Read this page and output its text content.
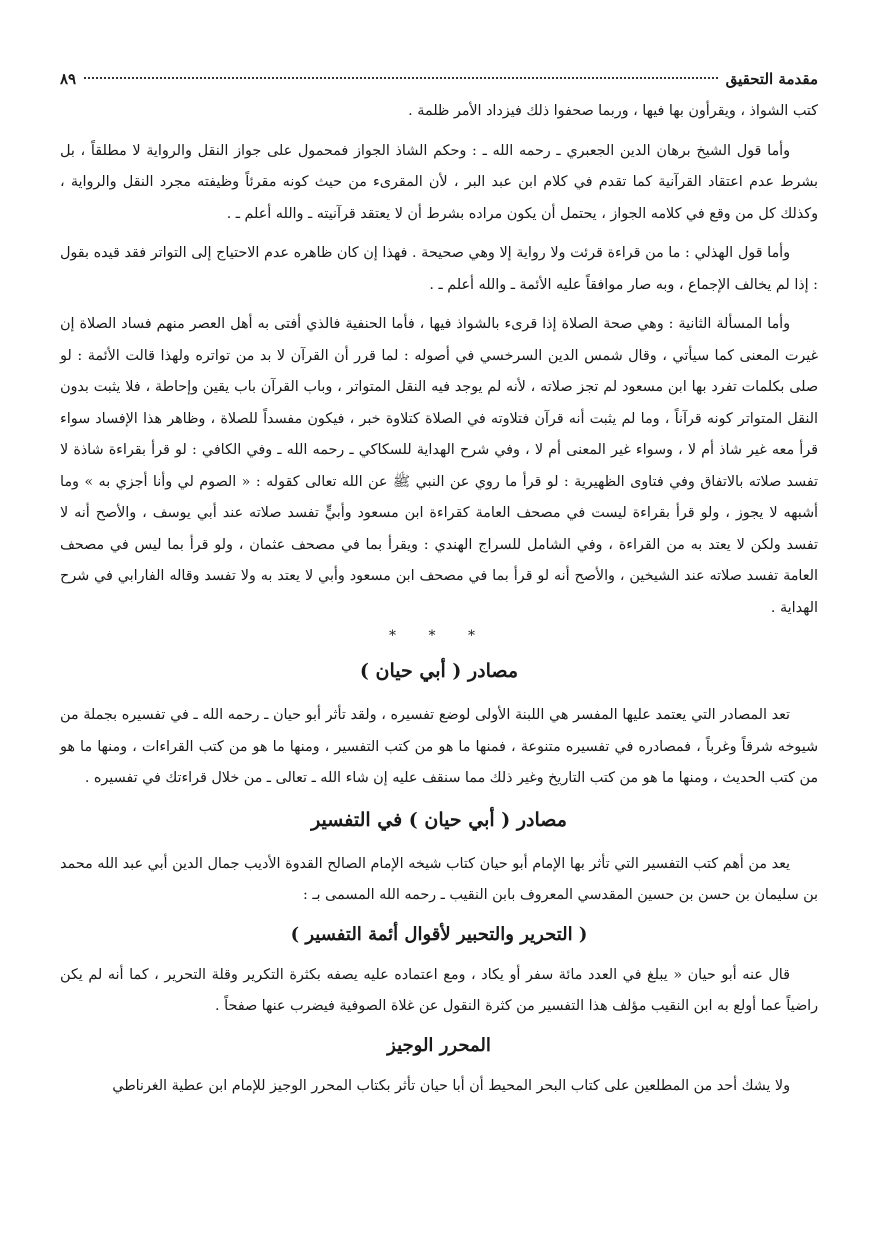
مقدمة التحقيق
٨٩

كتب الشواذ ، ويقرأون بها فيها ، وربما صحفوا ذلك فيزداد الأمر ظلمة .

وأما قول الشيخ برهان الدين الجعبري ـ رحمه الله ـ : وحكم الشاذ الجواز فمحمول على جواز النقل والرواية لا مطلقاً ، بل بشرط عدم اعتقاد القرآنية كما تقدم في كلام ابن عبد البر ، لأن المقرىء من حيث كونه مقرئاً وظيفته مجرد النقل والرواية ، وكذلك كل من وقع في كلامه الجواز ، يحتمل أن يكون مراده بشرط أن لا يعتقد قرآنيته ـ والله أعلم ـ .

وأما قول الهذلي : ما من قراءة قرئت ولا رواية إلا وهي صحيحة . فهذا إن كان ظاهره عدم الاحتياج إلى التواتر فقد قيده بقول : إذا لم يخالف الإجماع ، وبه صار موافقاً عليه الأئمة ـ والله أعلم ـ .

وأما المسألة الثانية : وهي صحة الصلاة إذا قرىء بالشواذ فيها ، فأما الحنفية فالذي أفتى به أهل العصر منهم فساد الصلاة إن غيرت المعنى كما سيأتي ، وقال شمس الدين السرخسي في أصوله : لما قرر أن القرآن لا بد من تواتره ولهذا قالت الأئمة : لو صلى بكلمات تفرد بها ابن مسعود لم تجز صلاته ، لأنه لم يوجد فيه النقل المتواتر ، وباب القرآن باب يقين وإحاطة ، فلا يثبت بدون النقل المتواتر كونه قرآناً ، وما لم يثبت أنه قرآن فتلاوته في الصلاة كتلاوة خبر ، فيكون مفسداً للصلاة ، وظاهر هذا الإفساد سواء قرأ معه غير شاذ أم لا ، وسواء غير المعنى أم لا ، وفي شرح الهداية للسكاكي ـ رحمه الله ـ وفي الكافي : لو قرأ بقراءة شاذة لا تفسد صلاته بالاتفاق وفي فتاوى الظهيرية : لو قرأ ما روي عن النبي ﷺ عن الله تعالى كقوله : « الصوم لي وأنا أجزي به » وما أشبهه لا يجوز ، ولو قرأ بقراءة ليست في مصحف العامة كقراءة ابن مسعود وأبيٍّ تفسد صلاته عند أبي يوسف ، والأصح أنه لا تفسد ولكن لا يعتد به من القراءة ، وفي الشامل للسراج الهندي : ويقرأ بما في مصحف عثمان ، ولو قرأ بما ليس في مصحف العامة تفسد صلاته عند الشيخين ، والأصح أنه لو قرأ بما في مصحف ابن مسعود وأبي لا يعتد به ولا تفسد وقاله الفارابي في شرح الهداية .

* * *
مصادر ( أبي حيان )

تعد المصادر التي يعتمد عليها المفسر هي اللبنة الأولى لوضع تفسيره ، ولقد تأثر أبو حيان ـ رحمه الله ـ في تفسيره بجملة من شيوخه شرقاً وغرباً ، فمصادره في تفسيره متنوعة ، فمنها ما هو من كتب التفسير ، ومنها ما هو من كتب القراءات ، ومنها ما هو من كتب الحديث ، ومنها ما هو من كتب التاريخ وغير ذلك مما سنقف عليه إن شاء الله ـ تعالى ـ من خلال قراءتك في تفسيره .

مصادر ( أبي حيان ) في التفسير

يعد من أهم كتب التفسير التي تأثر بها الإمام أبو حيان كتاب شيخه الإمام الصالح القدوة الأديب جمال الدين أبي عبد الله محمد بن سليمان بن حسن بن حسين المقدسي المعروف بابن النقيب ـ رحمه الله المسمى بـ :

( التحرير والتحبير لأقوال أئمة التفسير )

قال عنه أبو حيان « يبلغ في العدد مائة سفر أو يكاد ، ومع اعتماده عليه يصفه بكثرة التكرير وقلة التحرير ، كما أنه لم يكن راضياً عما أولع به ابن النقيب مؤلف هذا التفسير من كثرة النقول عن غلاة الصوفية فيضرب عنها صفحاً .

المحرر الوجيز

ولا يشك أحد من المطلعين على كتاب البحر المحيط أن أبا حيان تأثر بكتاب المحرر الوجيز للإمام ابن عطية الغرناطي
